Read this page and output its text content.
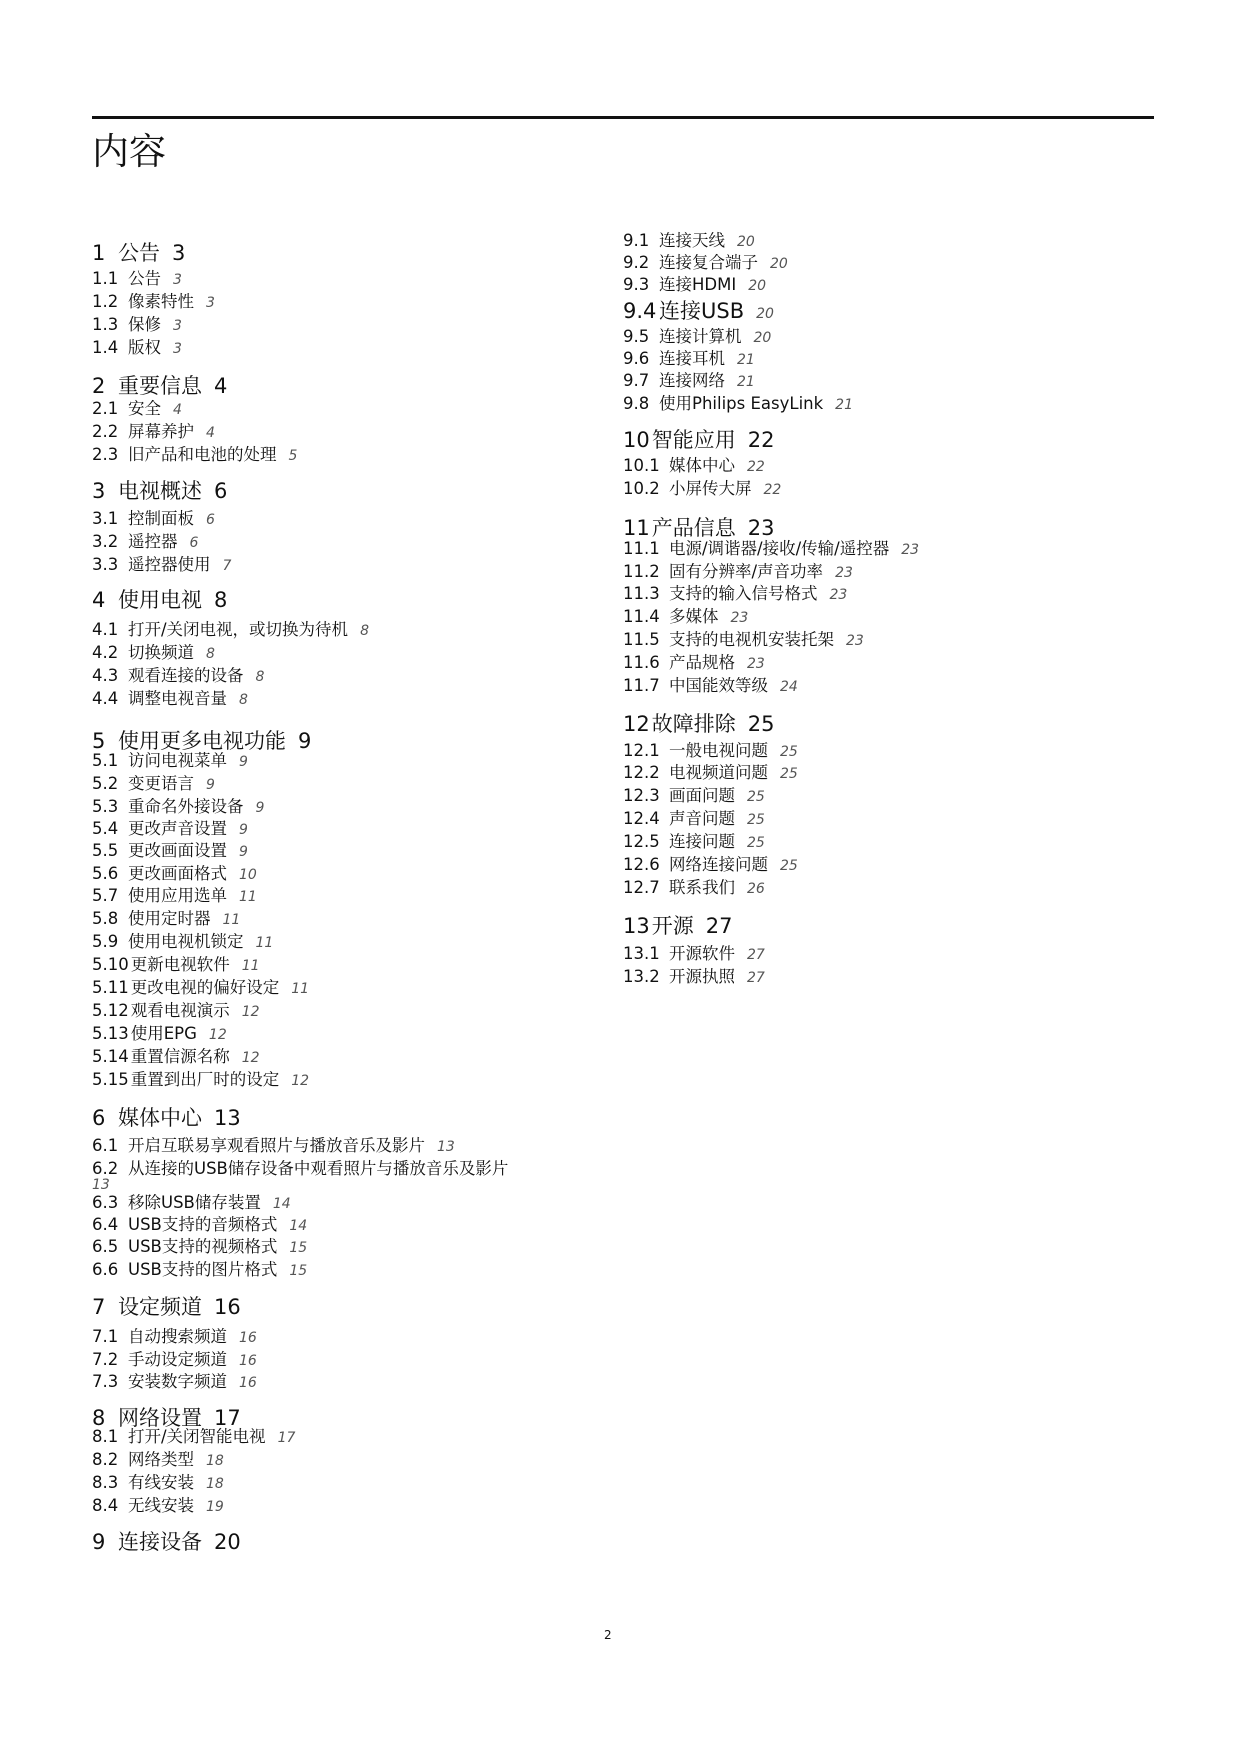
内容
1 公告 3
1.1 公告 3
1.2 像素特性 3
1.3 保修 3
1.4 版权 3
2 重要信息 4
2.1 安全 4
2.2 屏幕养护 4
2.3 旧产品和电池的处理 5
3 电视概述 6
3.1 控制面板 6
3.2 遥控器 6
3.3 遥控器使用 7
4 使用电视 8
4.1 打开/关闭电视，或切换为待机 8
4.2 切换频道 8
4.3 观看连接的设备 8
4.4 调整电视音量 8
5 使用更多电视功能 9
5.1 访问电视菜单 9
5.2 变更语言 9
5.3 重命名外接设备 9
5.4 更改声音设置 9
5.5 更改画面设置 9
5.6 更改画面格式 10
5.7 使用应用选单 11
5.8 使用定时器 11
5.9 使用电视机锁定 11
5.10 更新电视软件 11
5.11 更改电视的偏好设定 11
5.12 观看电视演示 12
5.13 使用EPG 12
5.14 重置信源名称 12
5.15 重置到出厂时的设定 12
6 媒体中心 13
6.1 开启互联易享观看照片与播放音乐及影片 13
6.2 从连接的USB储存设备中观看照片与播放音乐及影片
13
6.3 移除USB储存装置 14
6.4 USB支持的音频格式 14
6.5 USB支持的视频格式 15
6.6 USB支持的图片格式 15
7 设定频道 16
7.1 自动搜索频道 16
7.2 手动设定频道 16
7.3 安装数字频道 16
8 网络设置 17
8.1 打开/关闭智能电视 17
8.2 网络类型 18
8.3 有线安装 18
8.4 无线安装 19
9 连接设备 20
9.1 连接天线 20
9.2 连接复合端子 20
9.3 连接HDMI 20
9.4 连接USB 20
9.5 连接计算机 20
9.6 连接耳机 21
9.7 连接网络 21
9.8 使用Philips EasyLink 21
10智能应用 22
10.1 媒体中心 22
10.2 小屏传大屏 22
11产品信息 23
11.1 电源/调谐器/接收/传输/遥控器 23
11.2 固有分辨率/声音功率 23
11.3 支持的输入信号格式 23
11.4 多媒体 23
11.5 支持的电视机安装托架 23
11.6 产品规格 23
11.7 中国能效等级 24
12故障排除 25
12.1 一般电视问题 25
12.2 电视频道问题 25
12.3 画面问题 25
12.4 声音问题 25
12.5 连接问题 25
12.6 网络连接问题 25
12.7 联系我们 26
13开源 27
13.1 开源软件 27
13.2 开源执照 27
2
